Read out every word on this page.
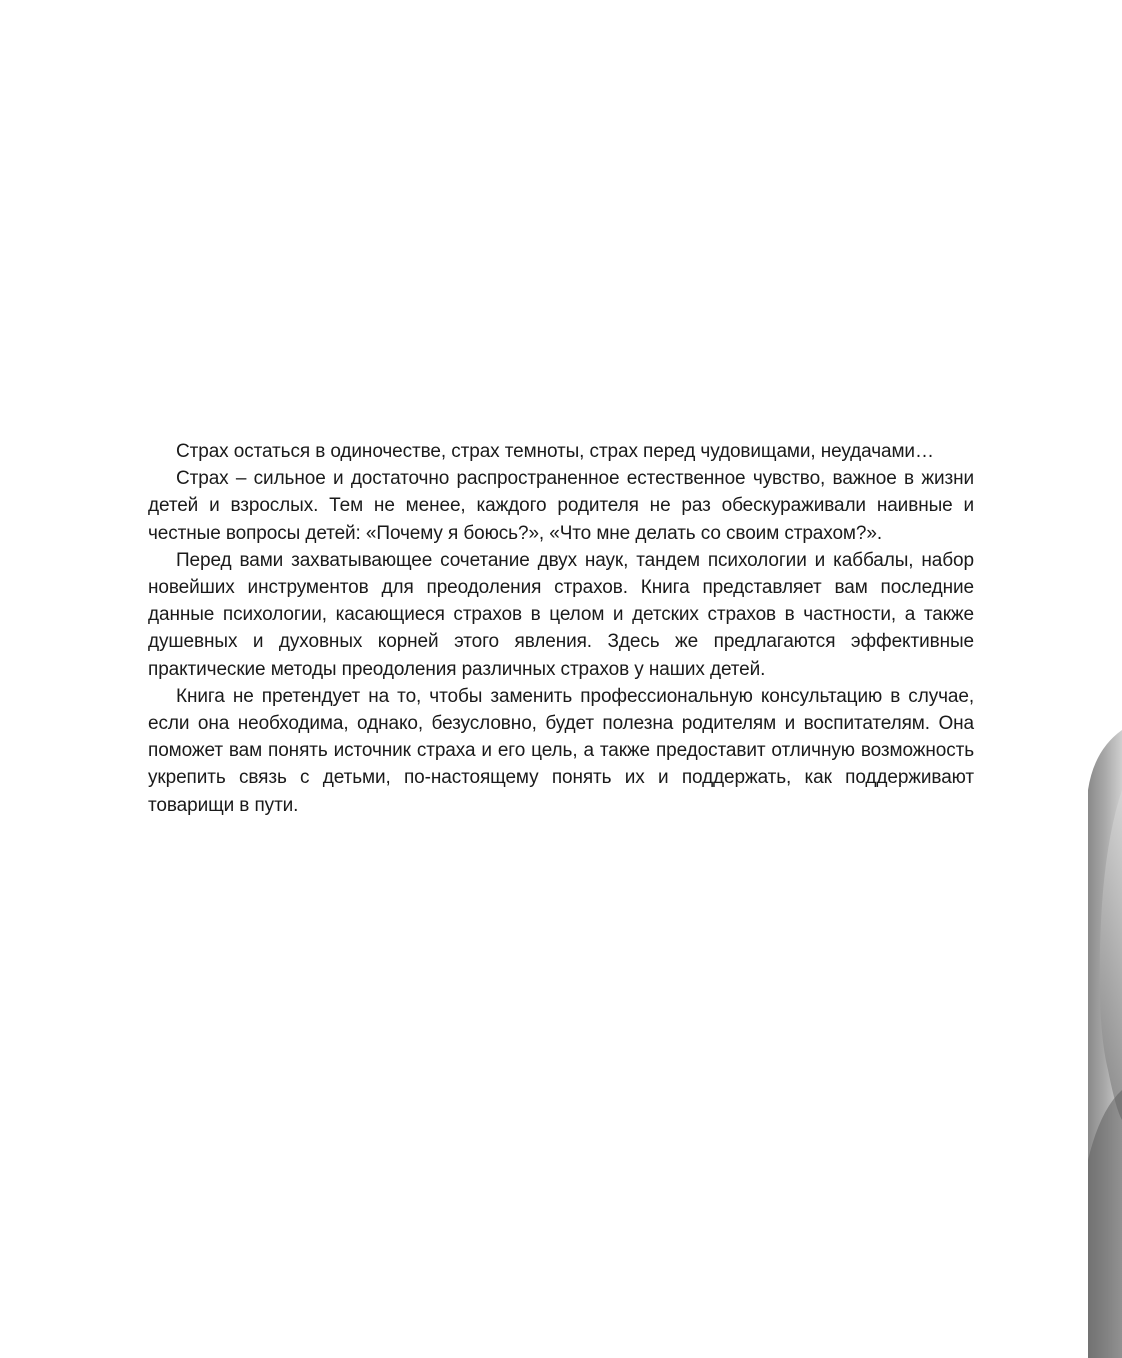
Страх остаться в одиночестве, страх темноты, страх перед чудовищами, неудачами…

Страх – сильное и достаточно распространенное естественное чувство, важное в жизни детей и взрослых. Тем не менее, каждого родителя не раз обескураживали наивные и честные вопросы детей: «Почему я боюсь?», «Что мне делать со своим страхом?».

Перед вами захватывающее сочетание двух наук, тандем психологии и каббалы, набор новейших инструментов для преодоления страхов. Книга представляет вам последние данные психологии, касающиеся страхов в целом и детских страхов в частности, а также душевных и духовных корней этого явления. Здесь же предлагаются эффективные практические методы преодоления различных страхов у наших детей.

Книга не претендует на то, чтобы заменить профессиональную консультацию в случае, если она необходима, однако, безусловно, будет полезна родителям и воспитателям. Она поможет вам понять источник страха и его цель, а также предоставит отличную возможность укрепить связь с детьми, по-настоящему понять их и поддержать, как поддерживают товарищи в пути.
